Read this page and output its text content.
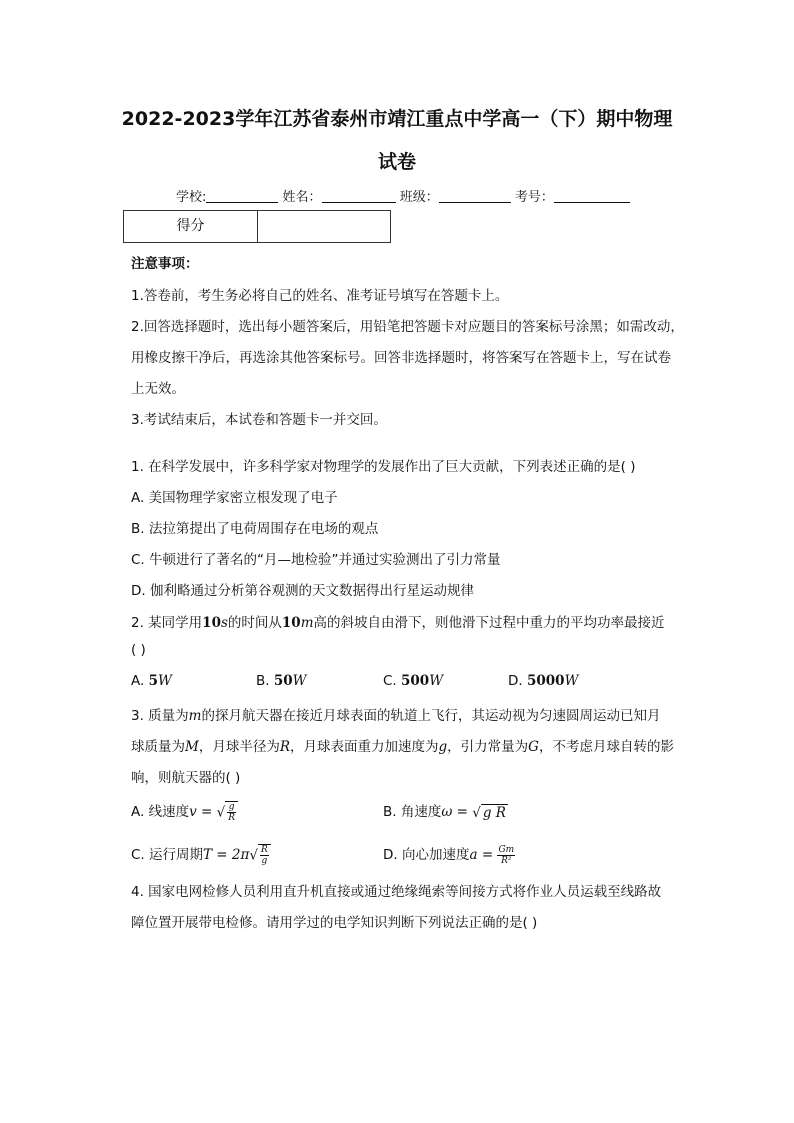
2022-2023学年江苏省泰州市靖江重点中学高一（下）期中物理
试卷
学校:	姓名：	班级：	考号：
得分
注意事项：
1.答卷前，考生务必将自己的姓名、准考证号填写在答题卡上。
2.回答选择题时，选出每小题答案后，用铅笔把答题卡对应题目的答案标号涂黑；如需改动，
用橡皮擦干净后，再选涂其他答案标号。回答非选择题时，将答案写在答题卡上，写在试卷
上无效。
3.考试结束后，本试卷和答题卡一并交回。
1. 在科学发展中，许多科学家对物理学的发展作出了巨大贡献，下列表述正确的是( )
A. 美国物理学家密立根发现了电子
B. 法拉第提出了电荷周围存在电场的观点
C. 牛顿进行了著名的“月—地检验”并通过实验测出了引力常量
D. 伽利略通过分析第谷观测的天文数据得出行星运动规律
2. 某同学用10s的时间从10m高的斜坡自由滑下，则他滑下过程中重力的平均功率最接近
( )
A. 5W	B. 50W	C. 500W	D. 5000W
3. 质量为m的探月航天器在接近月球表面的轨道上飞行，其运动视为匀速圆周运动已知月
球质量为M，月球半径为R，月球表面重力加速度为g，引力常量为G，不考虑月球自转的影
响，则航天器的( )
A. 线速度v = √ $\frac{g}{R}$	B. 角速度ω = √ g R
C. 运行周期$T = 2\pi√ \frac{R}{g}$	D. 向心加速度$a = \frac{Gm}{\text{R²}}$
4. 国家电网检修人员利用直升机直接或通过绝缘绳索等间接方式将作业人员运载至线路故
障位置开展带电检修。请用学过的电学知识判断下列说法正确的是( )
